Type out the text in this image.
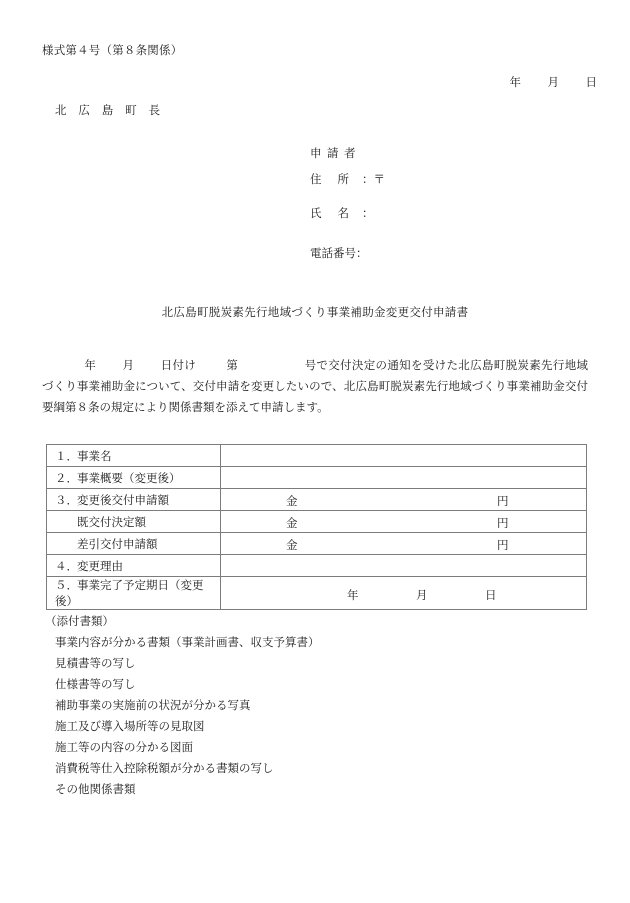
様式第４号（第８条関係）

年 月 日

北　広　島　町　長
申請者
住 所 ：〒
氏 名 ：
電話番号：
北広島町脱炭素先行地域づくり事業補助金変更交付申請書
年 月 日付け	第	号で交付決定の通知を受けた北広島町脱炭素先行地域づくり事業補助金について、交付申請を変更したいので、北広島町脱炭素先行地域づくり事業補助金交付要綱第８条の規定により関係書類を添えて申請します。
１．事業名	
２．事業概要（変更後）	
３．変更後交付申請額	金 円

既交付決定額	金 円

差引交付申請額	金 円

４．変更理由	
５．事業完了予定期日（変更後）	年 月 日
（添付書類）
事業内容が分かる書類（事業計画書、収支予算書）
見積書等の写し
仕様書等の写し
補助事業の実施前の状況が分かる写真
施工及び導入場所等の見取図
施工等の内容の分かる図面
消費税等仕入控除税額が分かる書類の写し
その他関係書類
